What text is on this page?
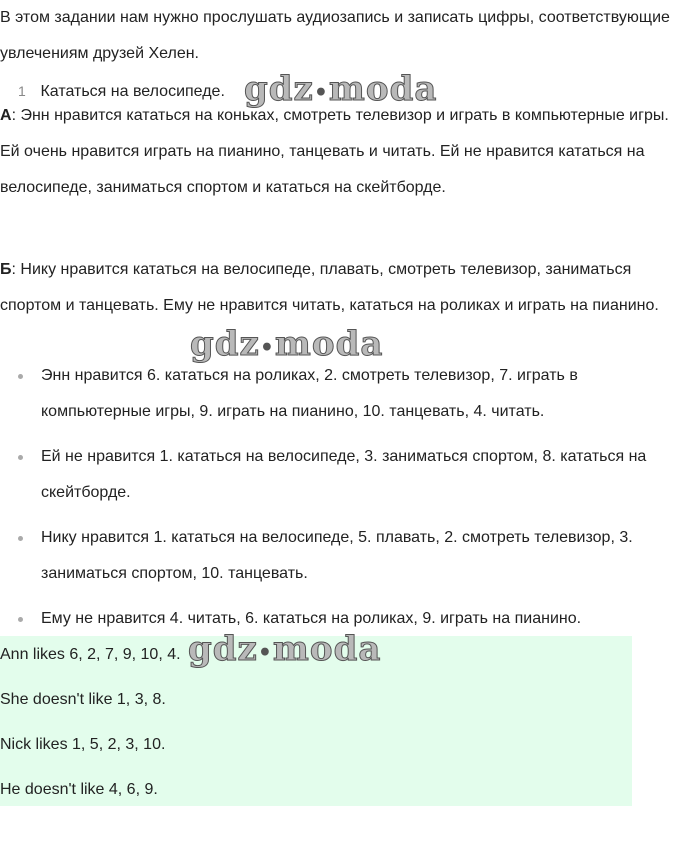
В этом задании нам нужно прослушать аудиозапись и записать цифры, соответствующие увлечениям друзей Хелен.

1 Кататься на велосипеде.

А: Энн нравится кататься на коньках, смотреть телевизор и играть в компьютерные игры. Ей очень нравится играть на пианино, танцевать и читать. Ей не нравится кататься на велосипеде, заниматься спортом и кататься на скейтборде.

Б: Нику нравится кататься на велосипеде, плавать, смотреть телевизор, заниматься спортом и танцевать. Ему не нравится читать, кататься на роликах и играть на пианино.

Энн нравится 6. кататься на роликах, 2. смотреть телевизор, 7. играть в компьютерные игры, 9. играть на пианино, 10. танцевать, 4. читать.
Ей не нравится 1. кататься на велосипеде, 3. заниматься спортом, 8. кататься на скейтборде.
Нику нравится 1. кататься на велосипеде, 5. плавать, 2. смотреть телевизор, 3. заниматься спортом, 10. танцевать.
Ему не нравится 4. читать, 6. кататься на роликах, 9. играть на пианино.
Ann likes 6, 2, 7, 9, 10, 4.
She doesn't like 1, 3, 8.
Nick likes 1, 5, 2, 3, 10.
He doesn't like 4, 6, 9.
gdz•moda
gdz•moda
gdz•moda
